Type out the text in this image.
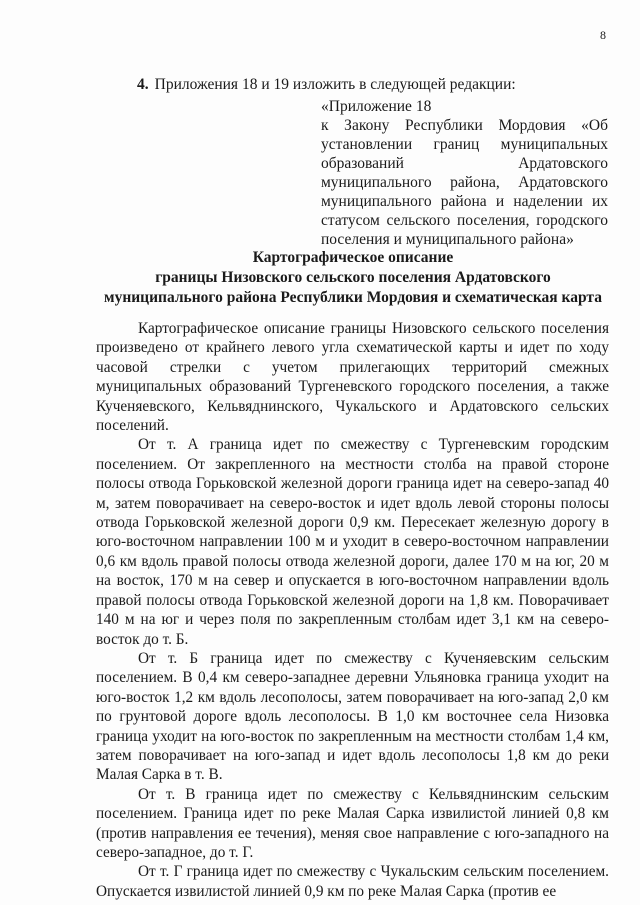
8
4. Приложения 18 и 19 изложить в следующей редакции:
«Приложение 18
к Закону Республики Мордовия «Об установлении границ муниципальных образований Ардатовского муниципального района, Ардатовского муниципального района и наделении их статусом сельского поселения, городского поселения и муниципального района»
Картографическое описание
границы Низовского сельского поселения Ардатовского
муниципального района Республики Мордовия и схематическая карта

Картографическое описание границы Низовского сельского поселения произведено от крайнего левого угла схематической карты и идет по ходу часовой стрелки с учетом прилегающих территорий смежных муниципальных образований Тургеневского городского поселения, а также Кученяевского, Кельвяднинского, Чукальского и Ардатовского сельских поселений.

От т. А граница идет по смежеству с Тургеневским городским поселением. От закрепленного на местности столба на правой стороне полосы отвода Горьковской железной дороги граница идет на северо-запад 40 м, затем поворачивает на северо-восток и идет вдоль левой стороны полосы отвода Горьковской железной дороги 0,9 км. Пересекает железную дорогу в юго-восточном направлении 100 м и уходит в северо-восточном направлении 0,6 км вдоль правой полосы отвода железной дороги, далее 170 м на юг, 20 м на восток, 170 м на север и опускается в юго-восточном направлении вдоль правой полосы отвода Горьковской железной дороги на 1,8 км. Поворачивает 140 м на юг и через поля по закрепленным столбам идет 3,1 км на северо-восток до т. Б.

От т. Б граница идет по смежеству с Кученяевским сельским поселением. В 0,4 км северо-западнее деревни Ульяновка граница уходит на юго-восток 1,2 км вдоль лесополосы, затем поворачивает на юго-запад 2,0 км по грунтовой дороге вдоль лесополосы. В 1,0 км восточнее села Низовка граница уходит на юго-восток по закрепленным на местности столбам 1,4 км, затем поворачивает на юго-запад и идет вдоль лесополосы 1,8 км до реки Малая Сарка в т. В.

От т. В граница идет по смежеству с Кельвяднинским сельским поселением. Граница идет по реке Малая Сарка извилистой линией 0,8 км (против направления ее течения), меняя свое направление с юго-западного на северо-западное, до т. Г.

От т. Г граница идет по смежеству с Чукальским сельским поселением. Опускается извилистой линией 0,9 км по реке Малая Сарка (против ее
